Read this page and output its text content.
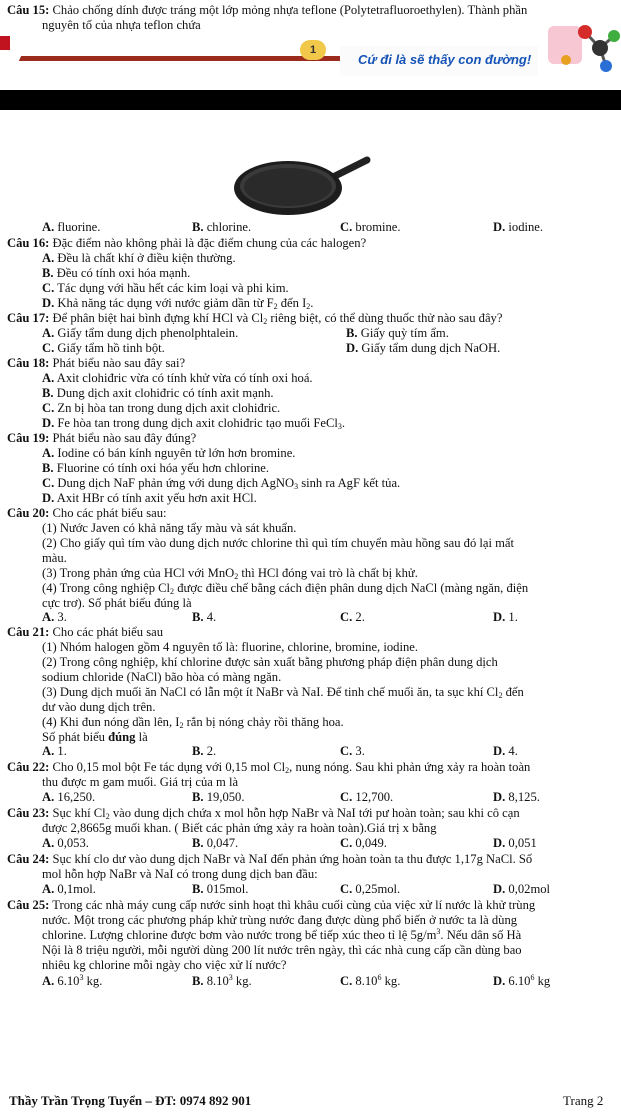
Câu 15: Chảo chống dính được tráng một lớp mỏng nhựa teflone (Polytetrafluoroethylen). Thành phần
nguyên tố của nhựa teflon chứa
1
Cứ đi là sẽ thấy con đường!
A. fluorine.	B. chlorine.	C. bromine.	D. iodine.
Câu 16: Đặc điểm nào không phải là đặc điểm chung của các halogen?
A. Đều là chất khí ở điều kiện thường.
B. Đều có tính oxi hóa mạnh.
C. Tác dụng với hầu hết các kim loại và phi kim.
D. Khả năng tác dụng với nước giảm dần từ $F_2$ đến $I_2$.
Câu 17: Để phân biệt hai bình đựng khí HCl và $Cl_2$ riêng biệt, có thể dùng thuốc thử nào sau đây?
A. Giấy tẩm dung dịch phenolphtalein.	B. Giấy quỳ tím ẩm.
C. Giấy tẩm hồ tinh bột.	D. Giấy tẩm dung dịch NaOH.
Câu 18: Phát biểu nào sau đây sai?
A. Axit clohiđric vừa có tính khử vừa có tính oxi hoá.
B. Dung dịch axit clohiđric có tính axit mạnh.
C. Zn bị hòa tan trong dung dịch axit clohiđric.
D. Fe hòa tan trong dung dịch axit clohiđric tạo muối FeCl$_3$.
Câu 19: Phát biểu nào sau đây đúng?
A. Iodine có bán kính nguyên tử lớn hơn bromine.
B. Fluorine có tính oxi hóa yếu hơn chlorine.
C. Dung dịch NaF phản ứng với dung dịch AgNO$_3$ sinh ra AgF kết tủa.
D. Axit HBr có tính axit yếu hơn axit HCl.
Câu 20: Cho các phát biểu sau:
(1) Nước Javen có khả năng tẩy màu và sát khuẩn.
(2) Cho giấy quì tím vào dung dịch nước chlorine thì quì tím chuyển màu hồng sau đó lại mất
màu.
(3) Trong phản ứng của HCl với MnO$_2$ thì HCl đóng vai trò là chất bị khử.
(4) Trong công nghiệp $Cl_2$ được điều chế bằng cách điện phân dung dịch NaCl (màng ngăn, điện
cực trơ). Số phát biểu đúng là
A. 3.	B. 4.	C. 2.	D. 1.
Câu 21: Cho các phát biểu sau
(1) Nhóm halogen gồm 4 nguyên tố là: fluorine, chlorine, bromine, iodine.
(2) Trong công nghiệp, khí chlorine được sản xuất bằng phương pháp điện phân dung dịch
sodium chloride (NaCl) bão hòa có màng ngăn.
(3) Dung dịch muối ăn NaCl có lẫn một ít NaBr và NaI. Để tinh chế muối ăn, ta sục khí $Cl_2$ đến
dư vào dung dịch trên.
(4) Khi đun nóng dần lên, $I_2$ rắn bị nóng chảy rồi thăng hoa.
Số phát biểu đúng là
A. 1.	B. 2.	C. 3.	D. 4.
Câu 22: Cho 0,15 mol bột Fe tác dụng với 0,15 mol $Cl_2$, nung nóng. Sau khi phản ứng xảy ra hoàn toàn
thu được m gam muối. Giá trị của m là
A. 16,250.	B. 19,050.	C. 12,700.	D. 8,125.
Câu 23: Sục khí $Cl_2$ vào dung dịch chứa x mol hỗn hợp NaBr và NaI tới pư hoàn toàn; sau khi cô cạn
được 2,8665g muối khan. ( Biết các phản ứng xảy ra hoàn toàn).Giá trị x bằng
A. 0,053.	B. 0,047.	C. 0,049.	D. 0,051
Câu 24: Sục khí clo dư vào dung dịch NaBr và NaI đến phản ứng hoàn toàn ta thu được 1,17g NaCl. Số
mol hỗn hợp NaBr và NaI có trong dung dịch ban đầu:
A. 0,1mol.	B. 015mol.	C. 0,25mol.	D. 0,02mol
Câu 25: Trong các nhà máy cung cấp nước sinh hoạt thì khâu cuối cùng của việc xử lí nước là khử trùng
nước. Một trong các phương pháp khử trùng nước đang được dùng phổ biến ở nước ta là dùng
chlorine. Lượng chlorine được bơm vào nước trong bể tiếp xúc theo tỉ lệ $5g/m^3$. Nếu dân số Hà
Nội là 8 triệu người, mỗi người dùng 200 lít nước trên ngày, thì các nhà cung cấp cần dùng bao
nhiêu kg chlorine mỗi ngày cho việc xử lí nước?
A. 6.10$^3$ kg.	B. 8.10$^3$ kg.	C. 8.10$^6$ kg.	D. 6.10$^6$ kg
Thầy Trần Trọng Tuyển – ĐT: 0974 892 901	Trang 2
